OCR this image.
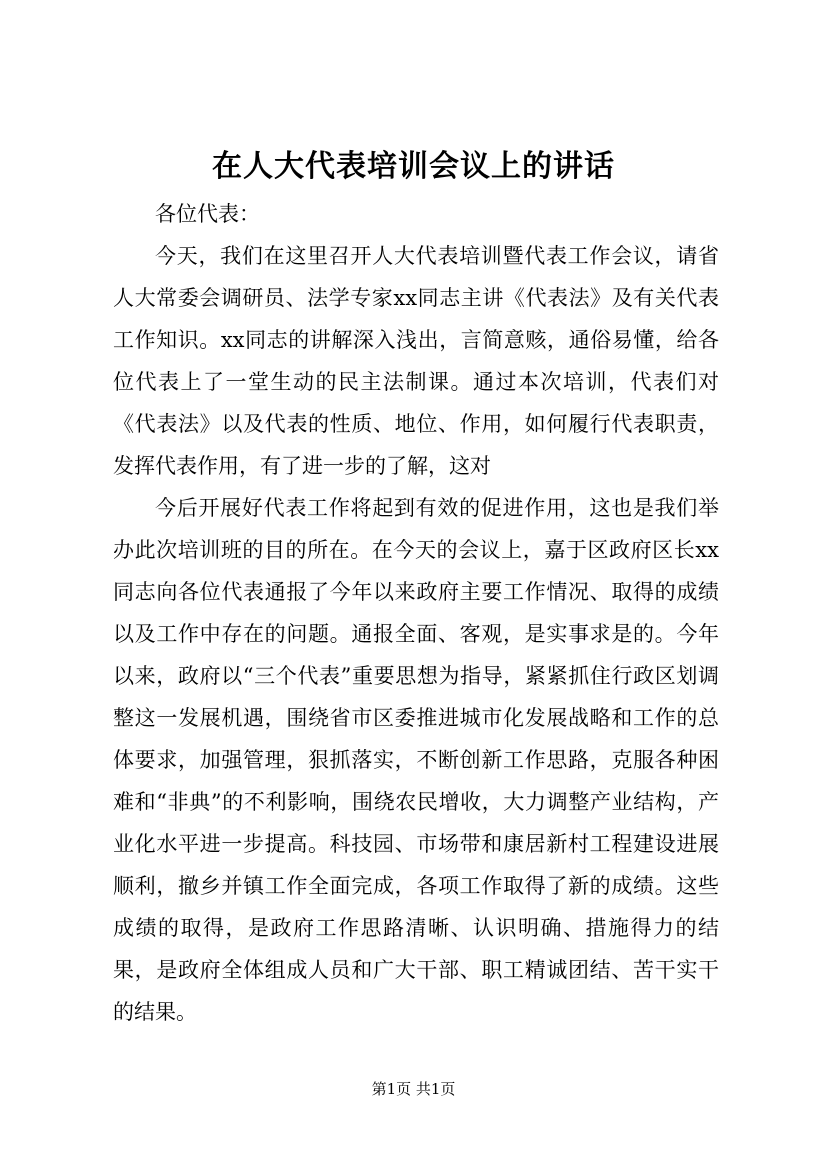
在人大代表培训会议上的讲话

各位代表：

今天，我们在这里召开人大代表培训暨代表工作会议，请省人大常委会调研员、法学专家xx同志主讲《代表法》及有关代表工作知识。xx同志的讲解深入浅出，言简意赅，通俗易懂，给各位代表上了一堂生动的民主法制课。通过本次培训，代表们对《代表法》以及代表的性质、地位、作用，如何履行代表职责，发挥代表作用，有了进一步的了解，这对

今后开展好代表工作将起到有效的促进作用，这也是我们举办此次培训班的目的所在。在今天的会议上，嘉于区政府区长xx同志向各位代表通报了今年以来政府主要工作情况、取得的成绩以及工作中存在的问题。通报全面、客观，是实事求是的。今年以来，政府以“三个代表”重要思想为指导，紧紧抓住行政区划调整这一发展机遇，围绕省市区委推进城市化发展战略和工作的总体要求，加强管理，狠抓落实，不断创新工作思路，克服各种困难和“非典”的不利影响，围绕农民增收，大力调整产业结构，产业化水平进一步提高。科技园、市场带和康居新村工程建设进展顺利，撤乡并镇工作全面完成，各项工作取得了新的成绩。这些成绩的取得，是政府工作思路清晰、认识明确、措施得力的结果，是政府全体组成人员和广大干部、职工精诚团结、苦干实干的结果。

第1页 共1页
